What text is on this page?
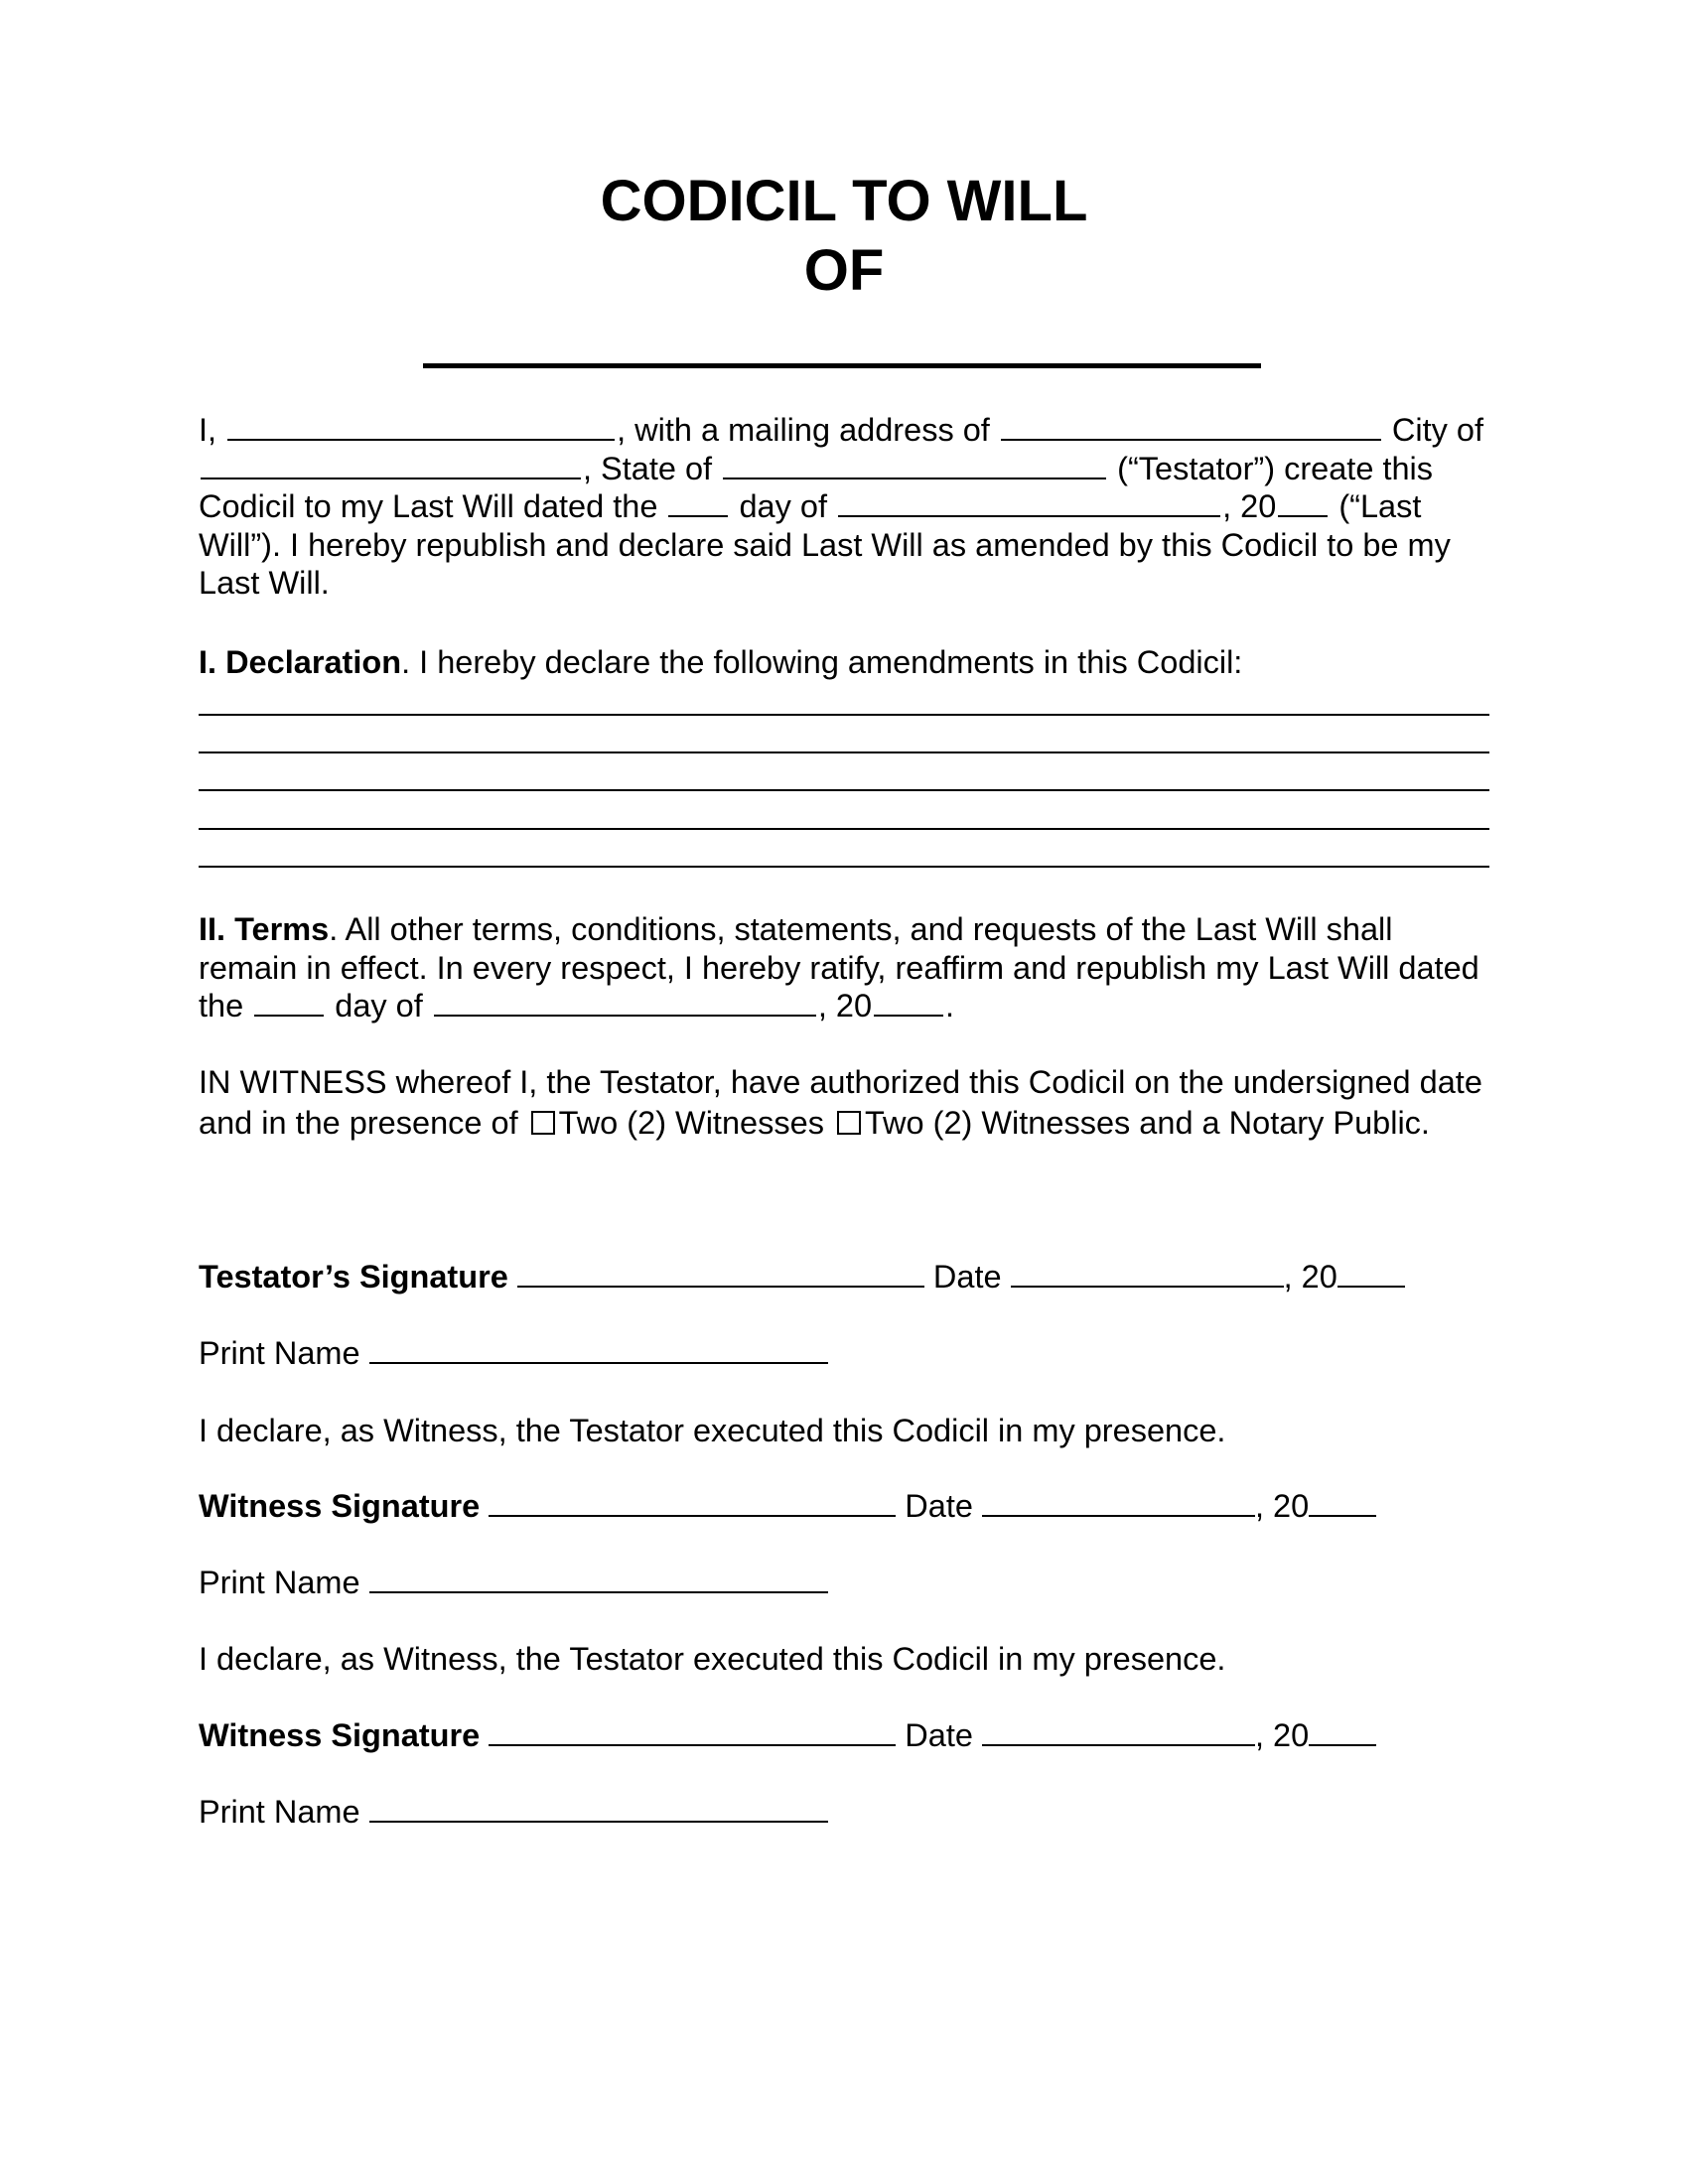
CODICIL TO WILL
OF

I,	, with a mailing address of	City of , State of	(“Testator”) create this Codicil to my Last Will dated the	day of	, 20 (“Last Will”). I hereby republish and declare said Last Will as amended by this Codicil to be my Last Will.

I. Declaration. I hereby declare the following amendments in this Codicil:

II. Terms. All other terms, conditions, statements, and requests of the Last Will shall remain in effect. In every respect, I hereby ratify, reaffirm and republish my Last Will dated the	day of	, 20 .

IN WITNESS whereof I, the Testator, have authorized this Codicil on the undersigned date and in the presence of Two (2) Witnesses Two (2) Witnesses and a Notary Public.

Testator’s Signature	Date	, 20
Print Name
I declare, as Witness, the Testator executed this Codicil in my presence.
Witness Signature	Date	, 20
Print Name
I declare, as Witness, the Testator executed this Codicil in my presence.
Witness Signature	Date	, 20
Print Name
